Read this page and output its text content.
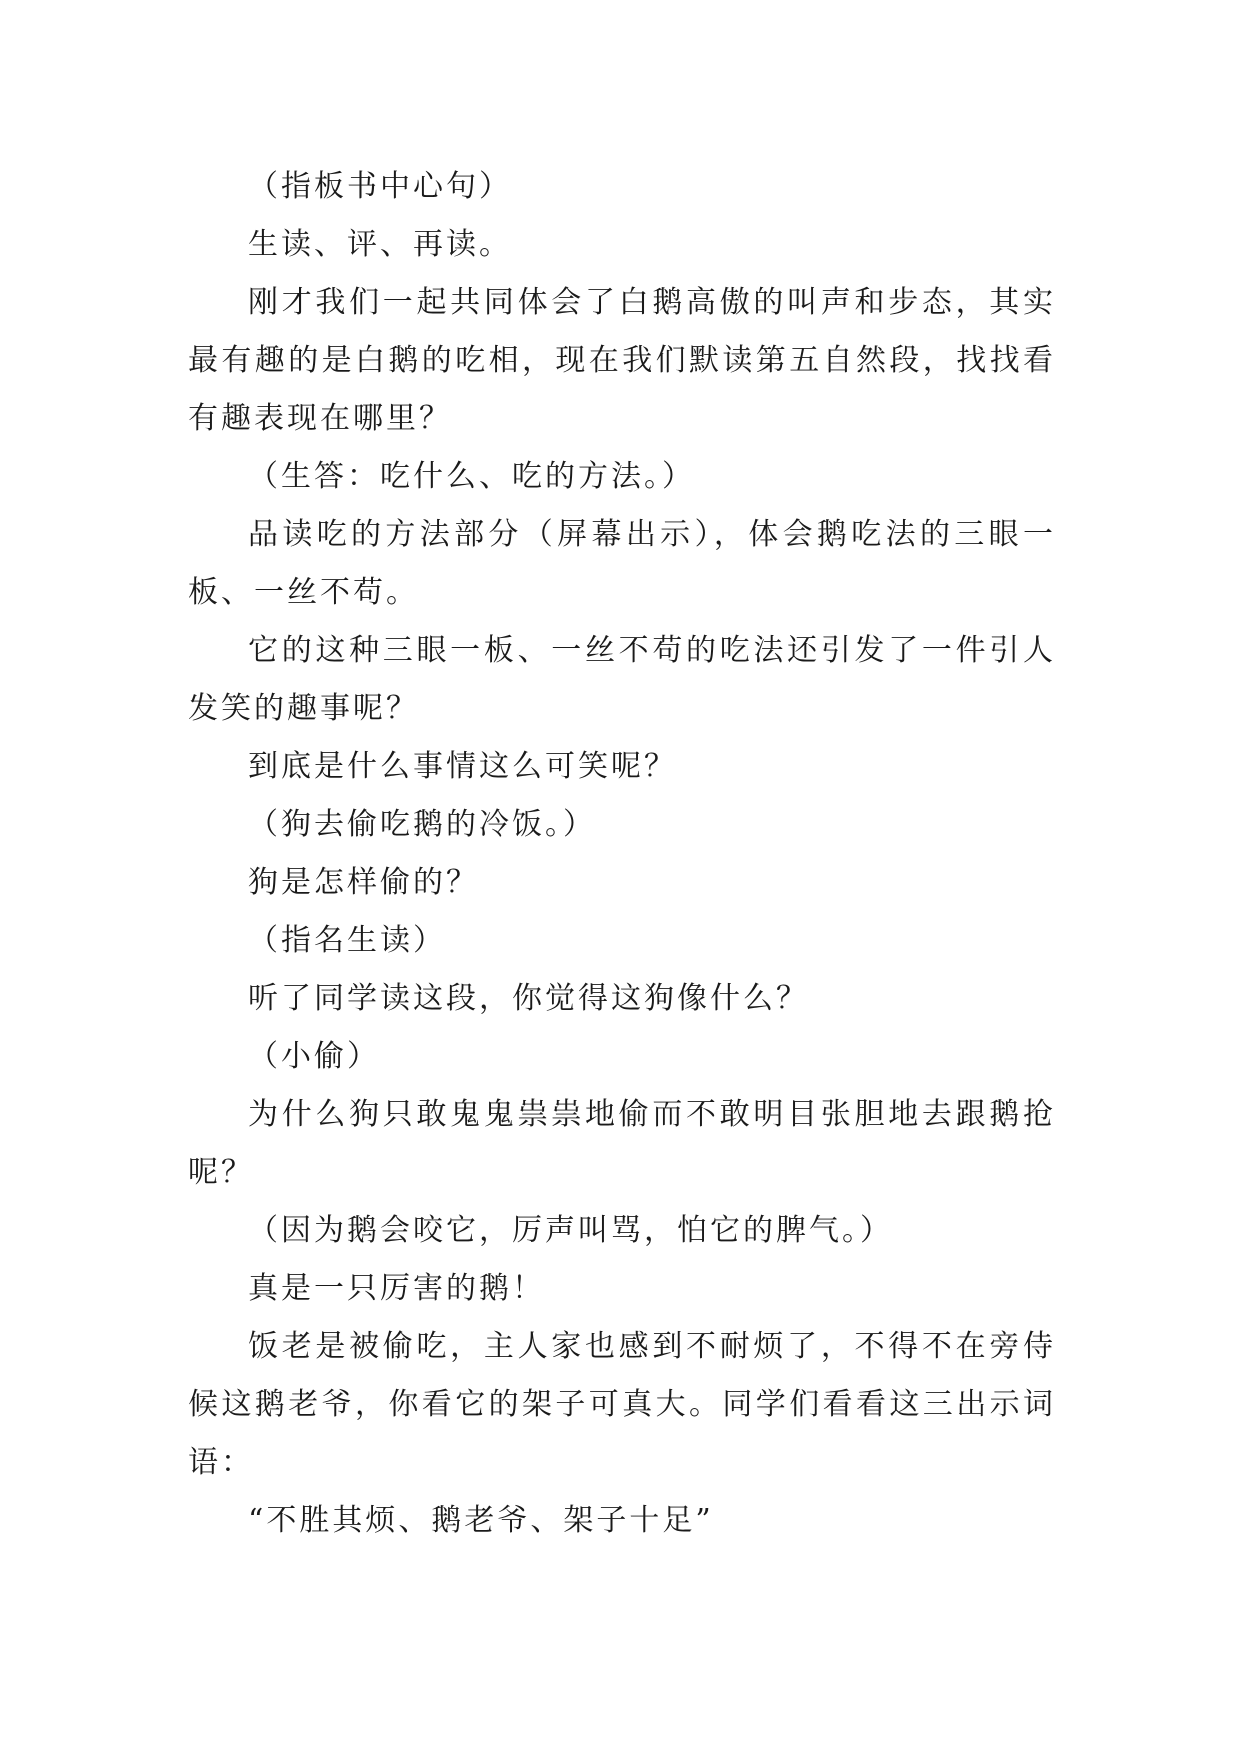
（指板书中心句）

生读、评、再读。

刚才我们一起共同体会了白鹅高傲的叫声和步态，其实最有趣的是白鹅的吃相，现在我们默读第五自然段，找找看有趣表现在哪里？

（生答：吃什么、吃的方法。）

品读吃的方法部分（屏幕出示），体会鹅吃法的三眼一板、一丝不苟。

它的这种三眼一板、一丝不苟的吃法还引发了一件引人发笑的趣事呢？

到底是什么事情这么可笑呢？

（狗去偷吃鹅的冷饭。）

狗是怎样偷的？

（指名生读）

听了同学读这段，你觉得这狗像什么？

（小偷）

为什么狗只敢鬼鬼祟祟地偷而不敢明目张胆地去跟鹅抢呢？

（因为鹅会咬它，厉声叫骂，怕它的脾气。）

真是一只厉害的鹅！

饭老是被偷吃，主人家也感到不耐烦了，不得不在旁侍候这鹅老爷，你看它的架子可真大。同学们看看这三出示词语：

“不胜其烦、鹅老爷、架子十足”
